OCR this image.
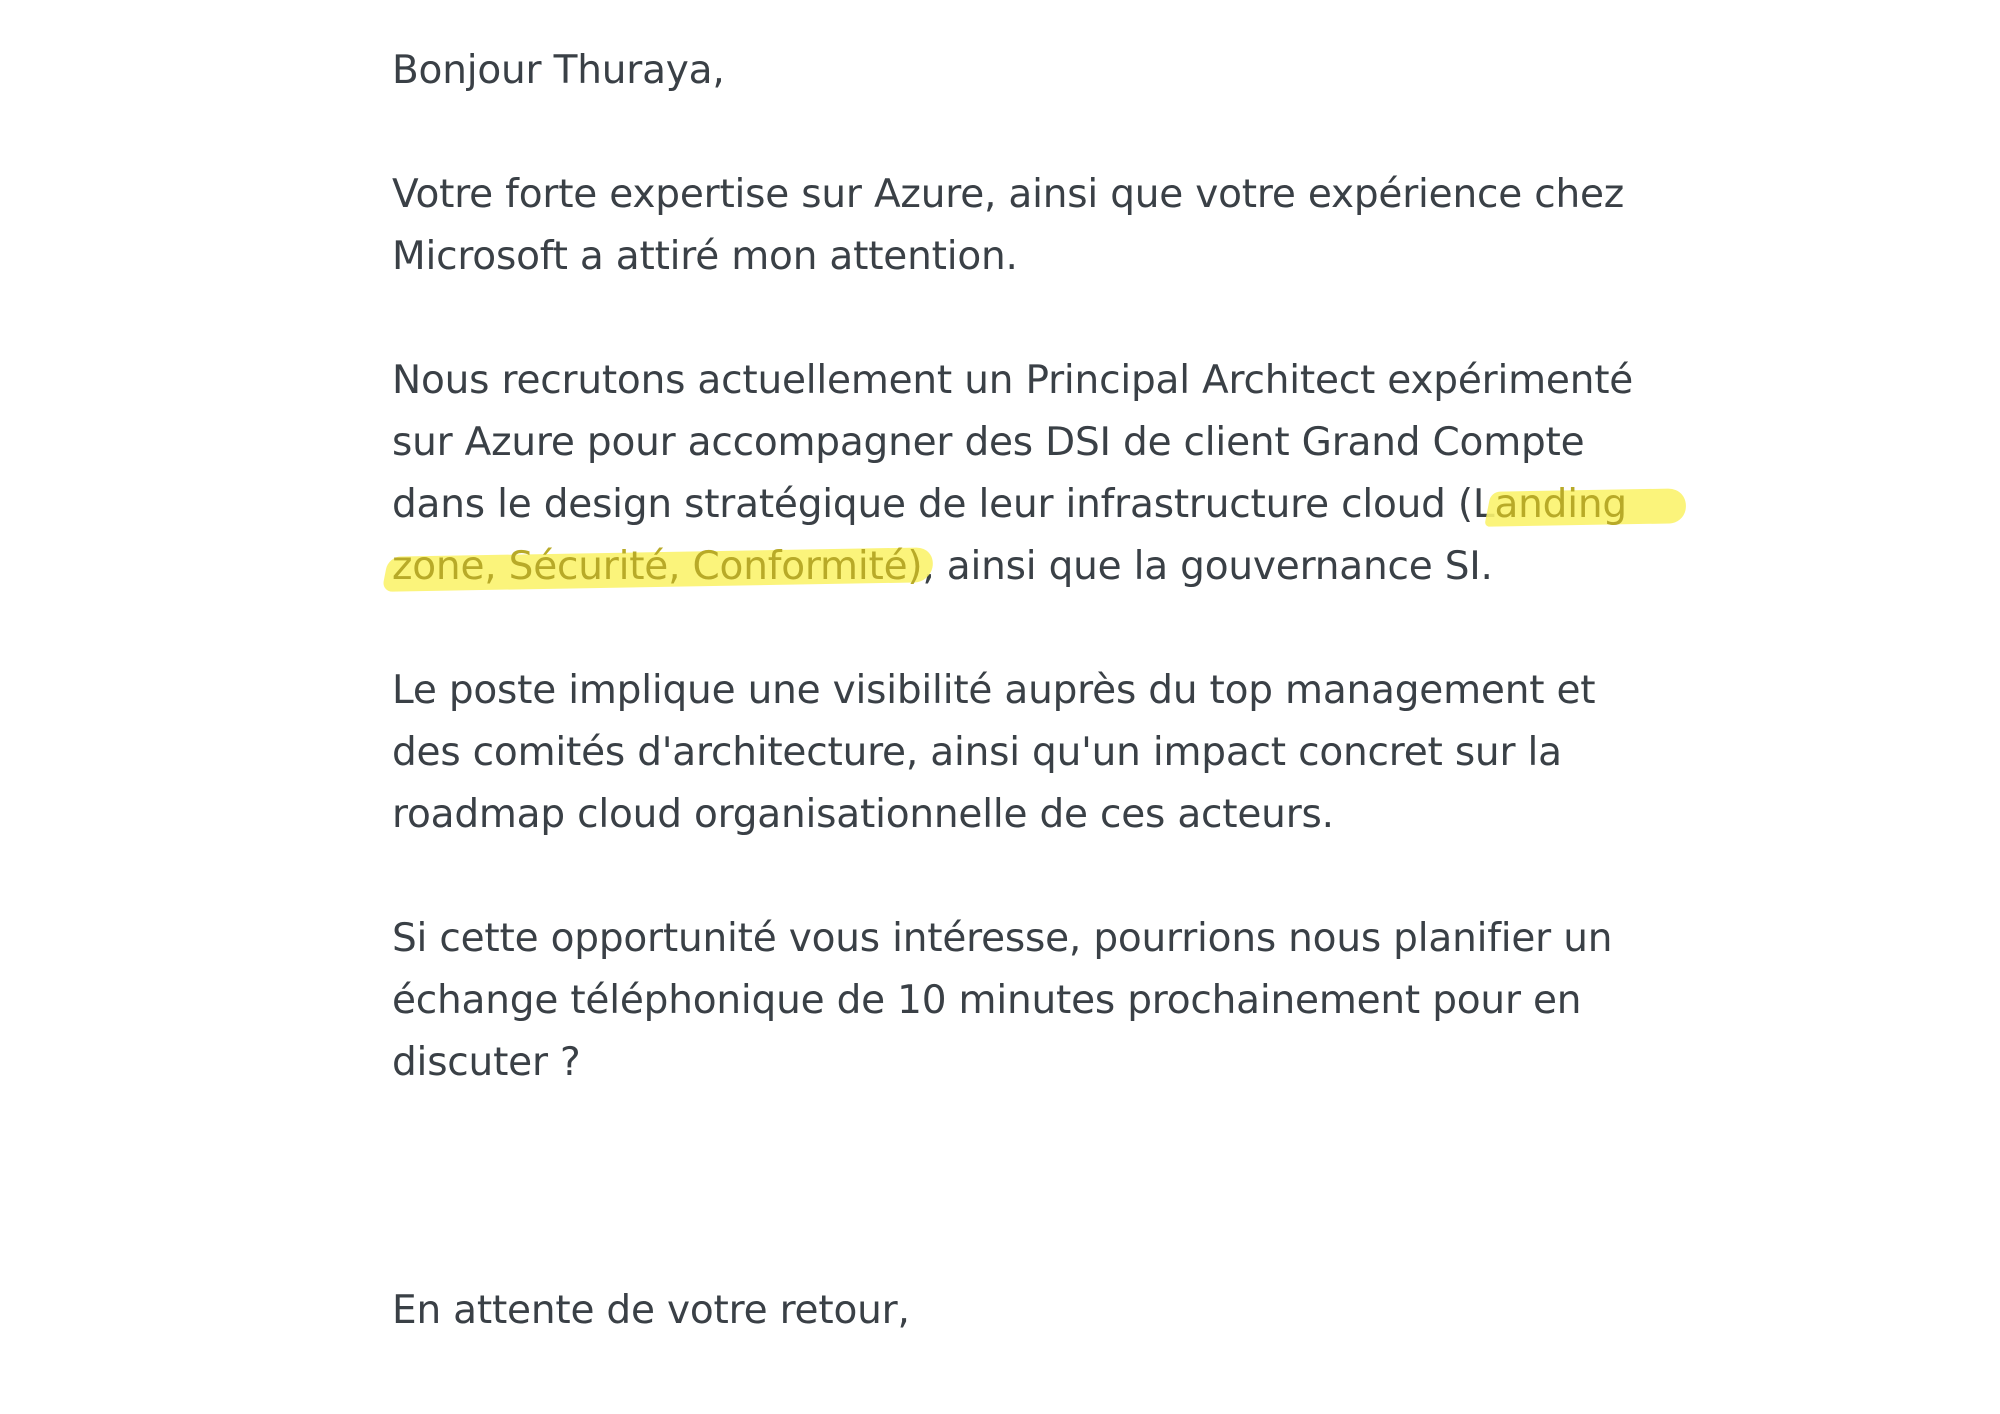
Bonjour Thuraya,

Votre forte expertise sur Azure, ainsi que votre expérience chez
Microsoft a attiré mon attention.

Nous recrutons actuellement un Principal Architect expérimenté
sur Azure pour accompagner des DSI de client Grand Compte
dans le design stratégique de leur infrastructure cloud (Landing
zone, Sécurité, Conformité), ainsi que la gouvernance SI.

Le poste implique une visibilité auprès du top management et
des comités d'architecture, ainsi qu'un impact concret sur la
roadmap cloud organisationnelle de ces acteurs.

Si cette opportunité vous intéresse, pourrions nous planifier un
échange téléphonique de 10 minutes prochainement pour en
discuter ?

En attente de votre retour,
